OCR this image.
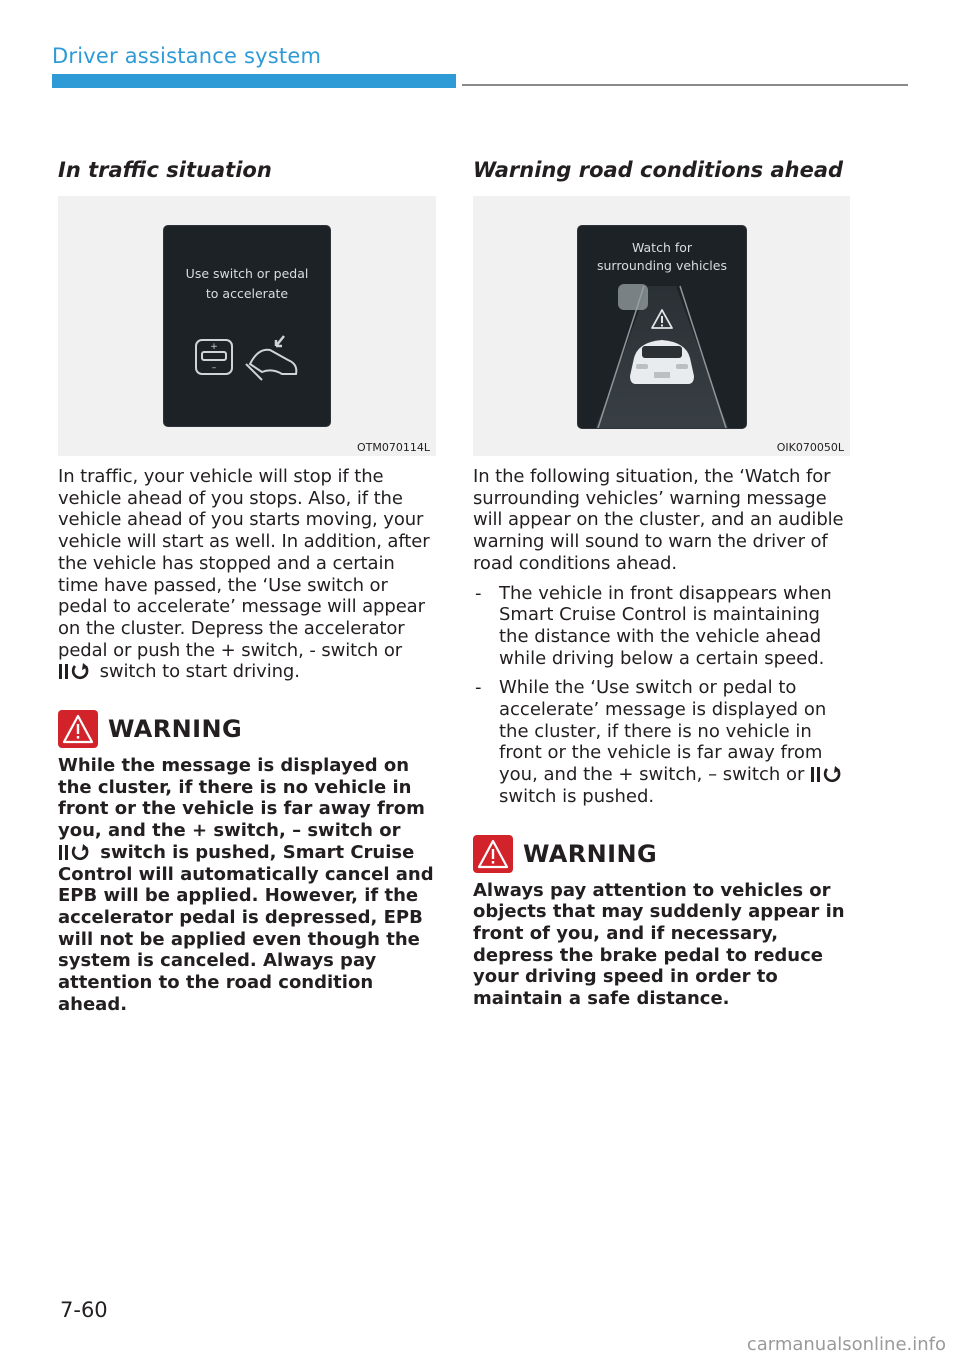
Driver assistance system
In traffic situation
Use switch or pedal
to accelerate
+
–
OTM070114L
In traffic, your vehicle will stop if the vehicle ahead of you stops. Also, if the vehicle ahead of you starts moving, your vehicle will start as well. In addition, after the vehicle has stopped and a certain time have passed, the ‘Use switch or pedal to accelerate’ message will appear on the cluster. Depress the accelerator pedal or push the + switch, - switch or  switch to start driving.
WARNING
While the message is displayed on the cluster, if there is no vehicle in front or the vehicle is far away from you, and the + switch, – switch or  switch is pushed, Smart Cruise Control will automatically cancel and EPB will be applied. However, if the accelerator pedal is depressed, EPB will not be applied even though the system is canceled. Always pay attention to the road condition ahead.
Warning road conditions ahead
Watch for
surrounding vehicles
OIK070050L
In the following situation, the ‘Watch for surrounding vehicles’ warning message will appear on the cluster, and an audible warning will sound to warn the driver of road conditions ahead.
- The vehicle in front disappears when Smart Cruise Control is maintaining the distance with the vehicle ahead while driving below a certain speed.
- While the ‘Use switch or pedal to accelerate’ message is displayed on the cluster, if there is no vehicle in front or the vehicle is far away from you, and the + switch, – switch or  switch is pushed.
WARNING
Always pay attention to vehicles or objects that may suddenly appear in front of you, and if necessary, depress the brake pedal to reduce your driving speed in order to maintain a safe distance.
7-60
carmanualsonline.info
